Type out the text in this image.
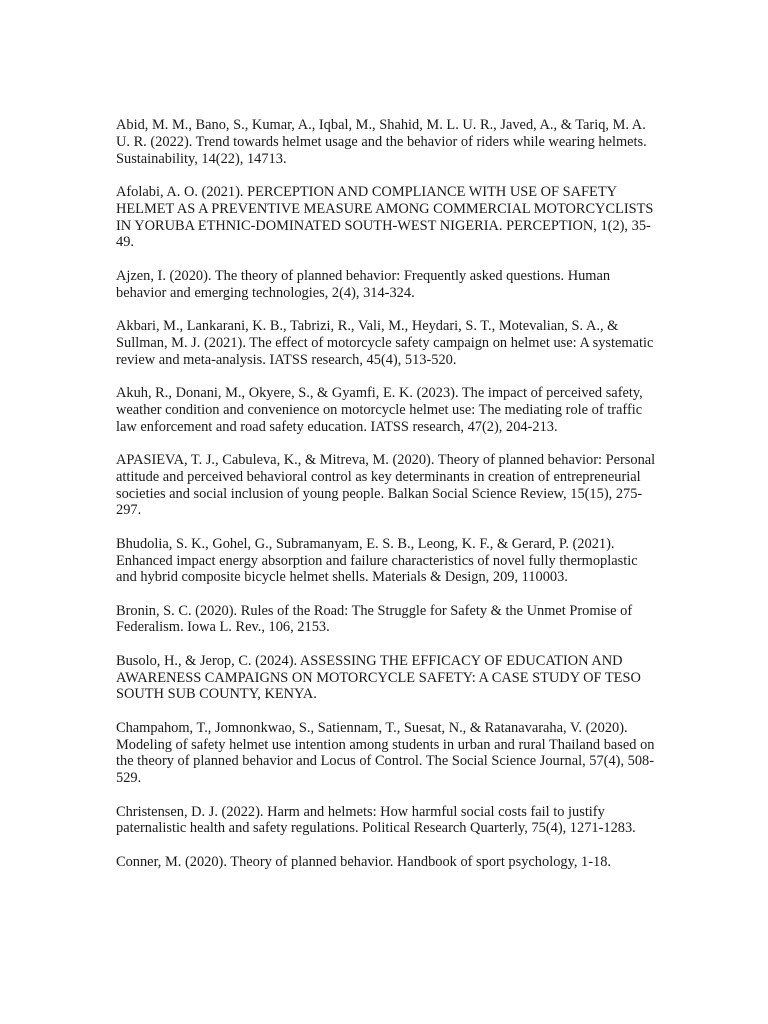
Abid, M. M., Bano, S., Kumar, A., Iqbal, M., Shahid, M. L. U. R., Javed, A., & Tariq, M. A. U. R. (2022). Trend towards helmet usage and the behavior of riders while wearing helmets. Sustainability, 14(22), 14713.
Afolabi, A. O. (2021). PERCEPTION AND COMPLIANCE WITH USE OF SAFETY HELMET AS A PREVENTIVE MEASURE AMONG COMMERCIAL MOTORCYCLISTS IN YORUBA ETHNIC-DOMINATED SOUTH-WEST NIGERIA. PERCEPTION, 1(2), 35-49.
Ajzen, I. (2020). The theory of planned behavior: Frequently asked questions. Human behavior and emerging technologies, 2(4), 314-324.
Akbari, M., Lankarani, K. B., Tabrizi, R., Vali, M., Heydari, S. T., Motevalian, S. A., & Sullman, M. J. (2021). The effect of motorcycle safety campaign on helmet use: A systematic review and meta-analysis. IATSS research, 45(4), 513-520.
Akuh, R., Donani, M., Okyere, S., & Gyamfi, E. K. (2023). The impact of perceived safety, weather condition and convenience on motorcycle helmet use: The mediating role of traffic law enforcement and road safety education. IATSS research, 47(2), 204-213.
APASIEVA, T. J., Cabuleva, K., & Mitreva, M. (2020). Theory of planned behavior: Personal attitude and perceived behavioral control as key determinants in creation of entrepreneurial societies and social inclusion of young people. Balkan Social Science Review, 15(15), 275-297.
Bhudolia, S. K., Gohel, G., Subramanyam, E. S. B., Leong, K. F., & Gerard, P. (2021). Enhanced impact energy absorption and failure characteristics of novel fully thermoplastic and hybrid composite bicycle helmet shells. Materials & Design, 209, 110003.
Bronin, S. C. (2020). Rules of the Road: The Struggle for Safety & the Unmet Promise of Federalism. Iowa L. Rev., 106, 2153.
Busolo, H., & Jerop, C. (2024). ASSESSING THE EFFICACY OF EDUCATION AND AWARENESS CAMPAIGNS ON MOTORCYCLE SAFETY: A CASE STUDY OF TESO SOUTH SUB COUNTY, KENYA.
Champahom, T., Jomnonkwao, S., Satiennam, T., Suesat, N., & Ratanavaraha, V. (2020). Modeling of safety helmet use intention among students in urban and rural Thailand based on the theory of planned behavior and Locus of Control. The Social Science Journal, 57(4), 508-529.
Christensen, D. J. (2022). Harm and helmets: How harmful social costs fail to justify paternalistic health and safety regulations. Political Research Quarterly, 75(4), 1271-1283.
Conner, M. (2020). Theory of planned behavior. Handbook of sport psychology, 1-18.
